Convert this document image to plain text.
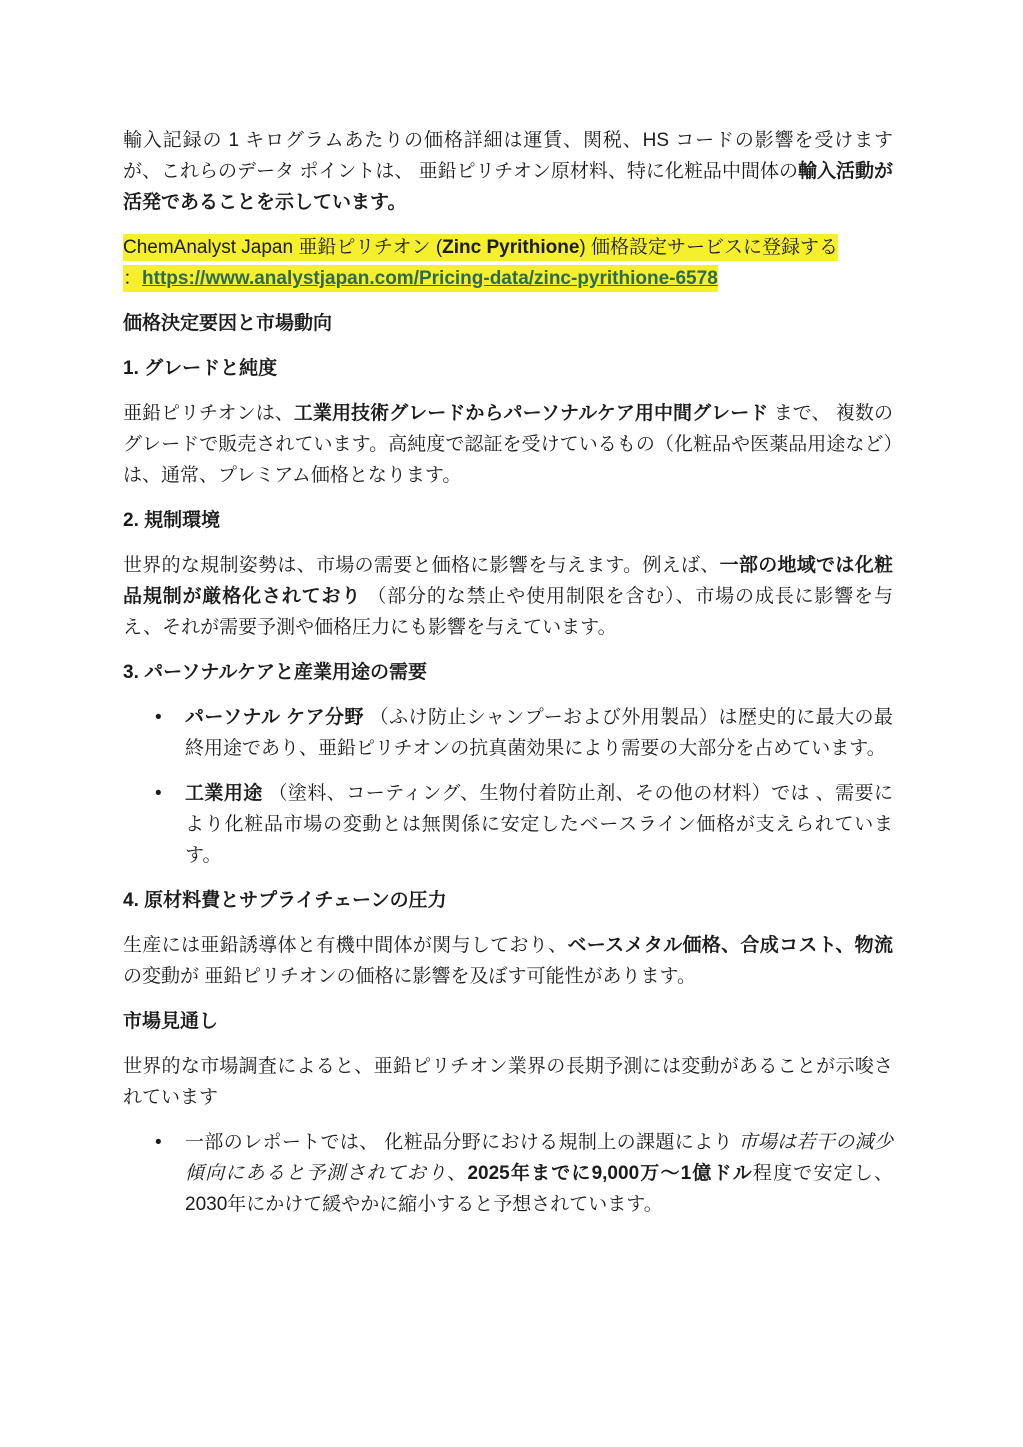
輸入記録の 1 キログラムあたりの価格詳細は運賃、関税、HS コードの影響を受けますが、これらのデータ ポイントは、 亜鉛ピリチオン原材料、特に化粧品中間体の輸入活動が活発であることを示しています。

ChemAnalyst Japan 亜鉛ピリチオン (Zinc Pyrithione) 価格設定サービスに登録する
：https://www.analystjapan.com/Pricing-data/zinc-pyrithione-6578

価格決定要因と市場動向

1. グレードと純度

亜鉛ピリチオンは、工業用技術グレードからパーソナルケア用中間グレード まで、 複数のグレードで販売されています。高純度で認証を受けているもの（化粧品や医薬品用途など）は、通常、プレミアム価格となります。

2. 規制環境

世界的な規制姿勢は、市場の需要と価格に影響を与えます。例えば、一部の地域では化粧品規制が厳格化されており （部分的な禁止や使用制限を含む）、市場の成長に影響を与え、それが需要予測や価格圧力にも影響を与えています。

3. パーソナルケアと産業用途の需要

• パーソナル ケア分野 （ふけ防止シャンプーおよび外用製品）は歴史的に最大の最終用途であり、亜鉛ピリチオンの抗真菌効果により需要の大部分を占めています。
• 工業用途 （塗料、コーティング、生物付着防止剤、その他の材料）では 、需要により化粧品市場の変動とは無関係に安定したベースライン価格が支えられています。

4. 原材料費とサプライチェーンの圧力

生産には亜鉛誘導体と有機中間体が関与しており、ベースメタル価格、合成コスト、物流の変動が 亜鉛ピリチオンの価格に影響を及ぼす可能性があります。

市場見通し

世界的な市場調査によると、亜鉛ピリチオン業界の長期予測には変動があることが示唆されています

• 一部のレポートでは、 化粧品分野における規制上の課題により 市場は若干の減少傾向にあると予測されており、2025年までに9,000万～1億ドル程度で安定し、2030年にかけて緩やかに縮小すると予想されています。
